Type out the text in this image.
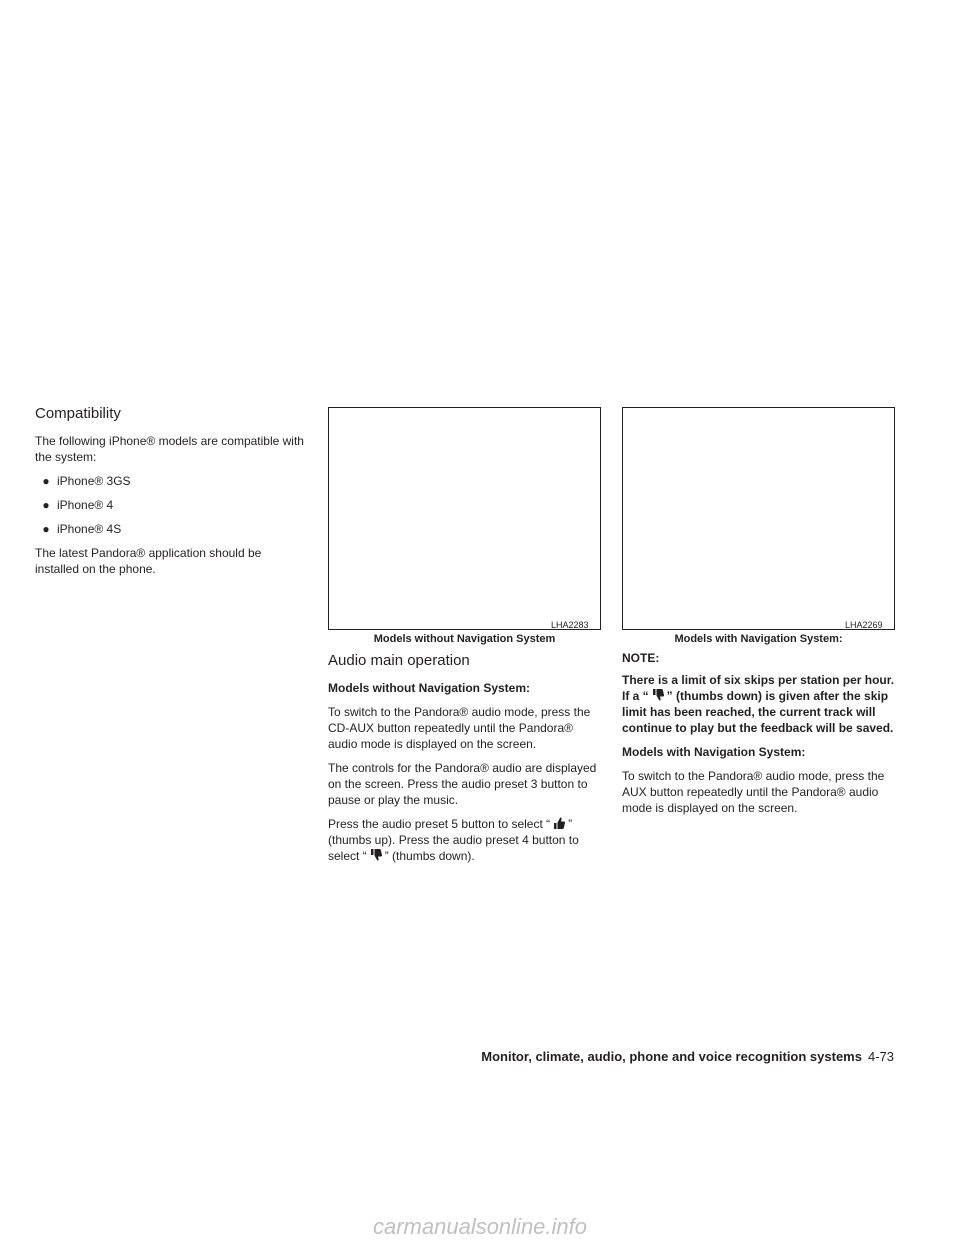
Compatibility

The following iPhone® models are compatible with the system:

● iPhone® 3GS
● iPhone® 4
● iPhone® 4S

The latest Pandora® application should be installed on the phone.

LHA2283
Models without Navigation System
LHA2269
Models with Navigation System:
Audio main operation

Models without Navigation System:

To switch to the Pandora® audio mode, press the CD-AUX button repeatedly until the Pandora® audio mode is displayed on the screen.

The controls for the Pandora® audio are displayed on the screen. Press the audio preset 3 button to pause or play the music.

Press the audio preset 5 button to select “ ” (thumbs up). Press the audio preset 4 button to select “ ” (thumbs down).

NOTE:

There is a limit of six skips per station per hour. If a “ ” (thumbs down) is given after the skip limit has been reached, the current track will continue to play but the feedback will be saved.

Models with Navigation System:

To switch to the Pandora® audio mode, press the AUX button repeatedly until the Pandora® audio mode is displayed on the screen.

Monitor, climate, audio, phone and voice recognition systems 4-73
carmanualsonline.info
